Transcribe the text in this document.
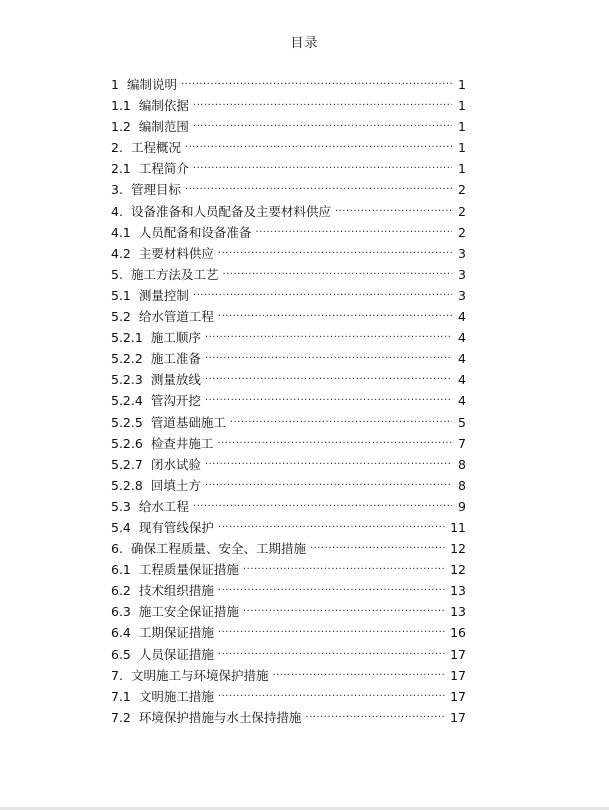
目录
1 编制说明 ·····	1
1.1 编制依据 ·····	1
1.2 编制范围 ·····	1
2. 工程概况 ·····	1
2.1 工程简介 ·····	1
3. 管理目标 ·····	2
4. 设备准备和人员配备及主要材料供应 ·····	2
4.1 人员配备和设备准备 ·····	2
4.2 主要材料供应 ·····	3
5. 施工方法及工艺 ·····	3
5.1 测量控制 ·····	3
5.2 给水管道工程 ·····	4
5.2.1 施工顺序 ·····	4
5.2.2 施工准备 ·····	4
5.2.3 测量放线 ·····	4
5.2.4 管沟开挖 ·····	4
5.2.5 管道基础施工 ·····	5
5.2.6 检查井施工 ·····	7
5.2.7 闭水试验 ·····	8
5.2.8 回填土方 ·····	8
5.3 给水工程 ·····	9
5.4 现有管线保护 ·····	11
6. 确保工程质量、安全、工期措施 ·····	12
6.1 工程质量保证措施 ·····	12
6.2 技术组织措施 ·····	13
6.3 施工安全保证措施 ·····	13
6.4 工期保证措施 ·····	16
6.5 人员保证措施 ·····	17
7. 文明施工与环境保护措施 ·····	17
7.1 文明施工措施 ·····	17
7.2 环境保护措施与水土保持措施 ·····	17
